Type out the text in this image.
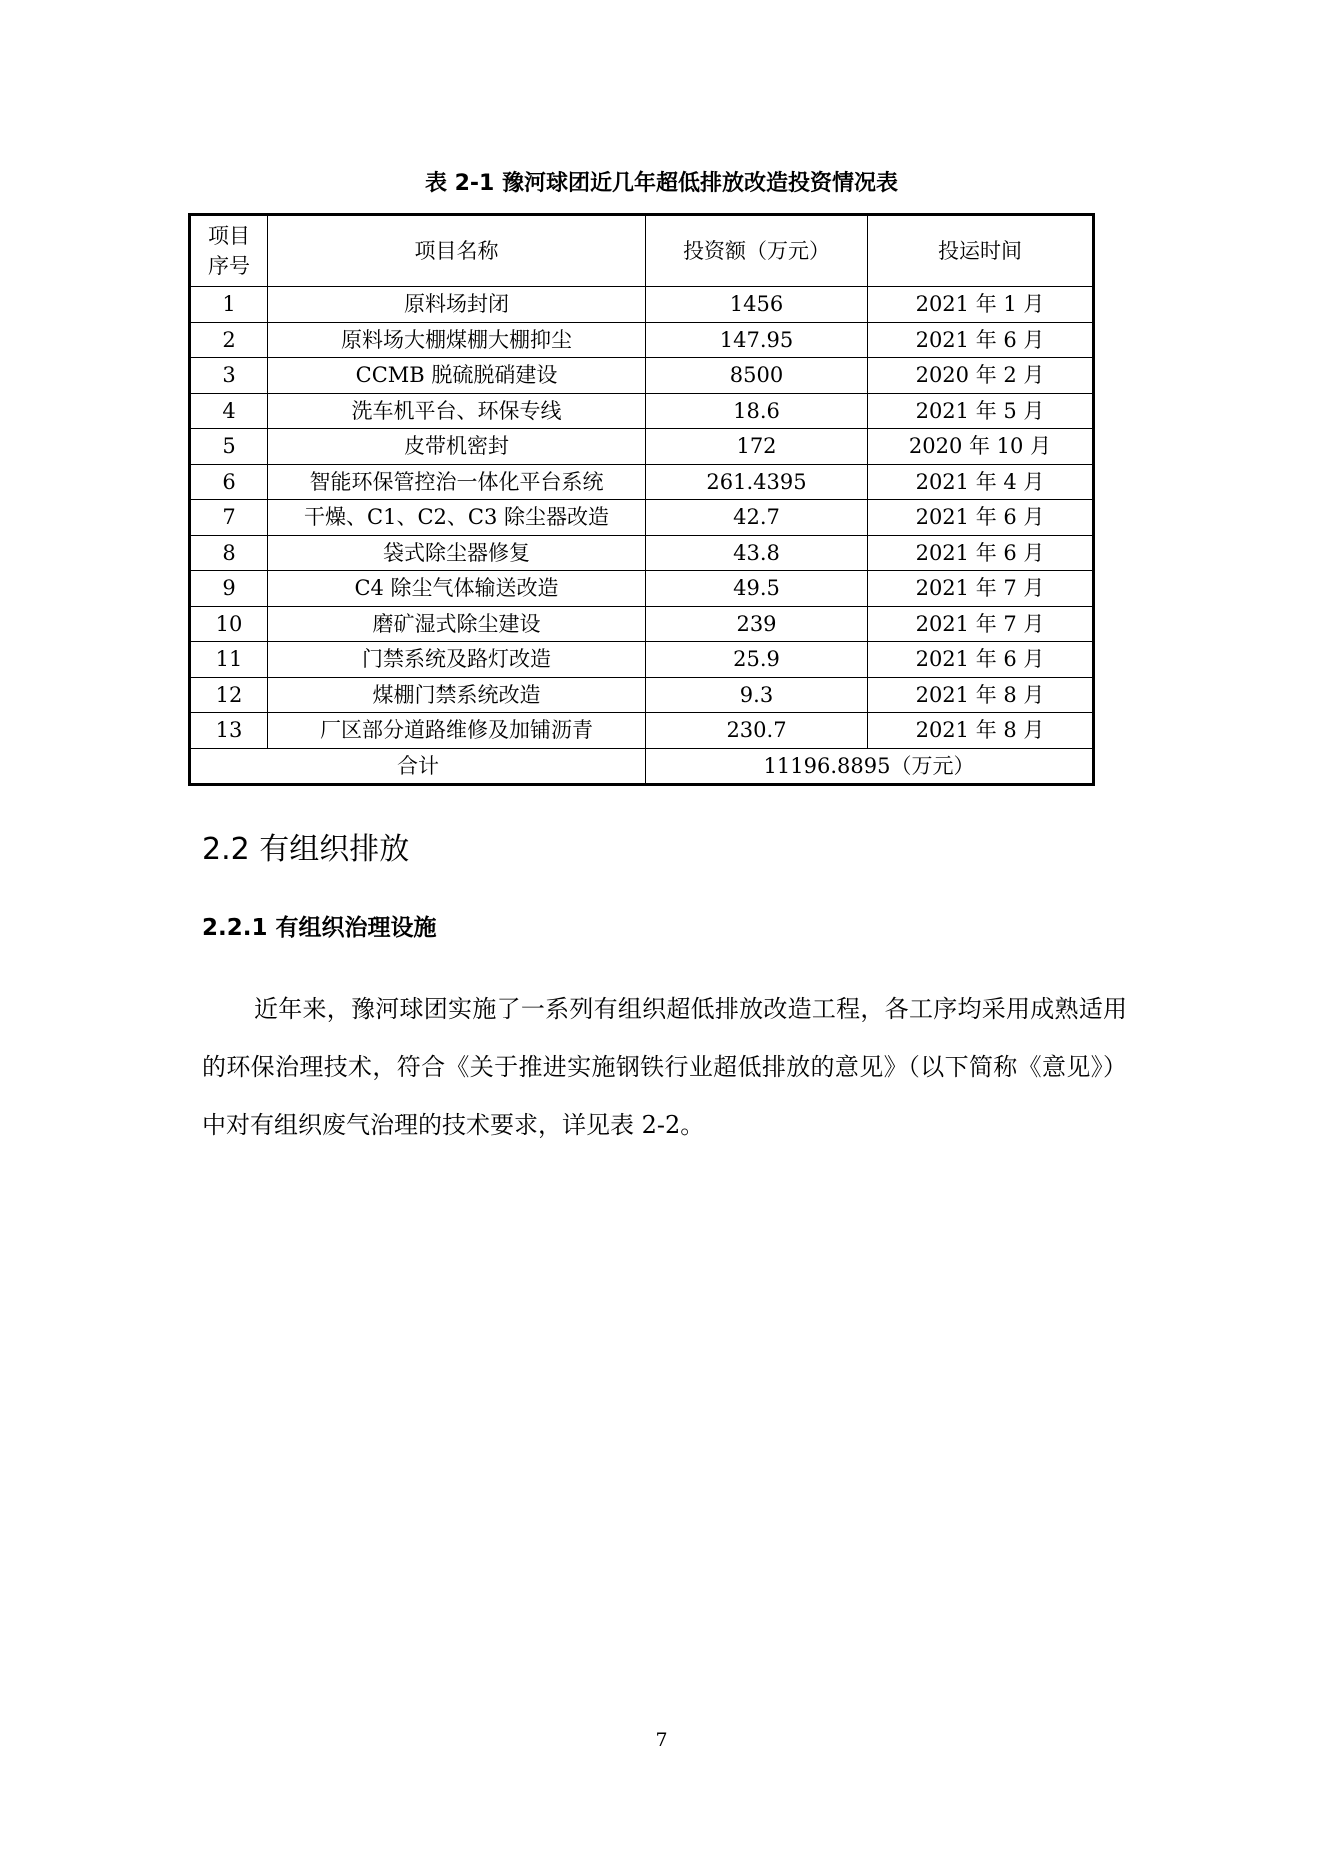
表 2-1 豫河球团近几年超低排放改造投资情况表
项目序号	项目名称	投资额（万元）	投运时间
1	原料场封闭	1456	2021 年 1 月
2	原料场大棚煤棚大棚抑尘	147.95	2021 年 6 月
3	CCMB 脱硫脱硝建设	8500	2020 年 2 月
4	洗车机平台、环保专线	18.6	2021 年 5 月
5	皮带机密封	172	2020 年 10 月
6	智能环保管控治一体化平台系统	261.4395	2021 年 4 月
7	干燥、C1、C2、C3 除尘器改造	42.7	2021 年 6 月
8	袋式除尘器修复	43.8	2021 年 6 月
9	C4 除尘气体输送改造	49.5	2021 年 7 月
10	磨矿湿式除尘建设	239	2021 年 7 月
11	门禁系统及路灯改造	25.9	2021 年 6 月
12	煤棚门禁系统改造	9.3	2021 年 8 月
13	厂区部分道路维修及加铺沥青	230.7	2021 年 8 月
合计		11196.8895（万元）	
2.2 有组织排放
2.2.1 有组织治理设施

近年来，豫河球团实施了一系列有组织超低排放改造工程，各工序均采用成熟适用的环保治理技术，符合《关于推进实施钢铁行业超低排放的意见》（以下简称《意见》）中对有组织废气治理的技术要求，详见表 2-2。

7
